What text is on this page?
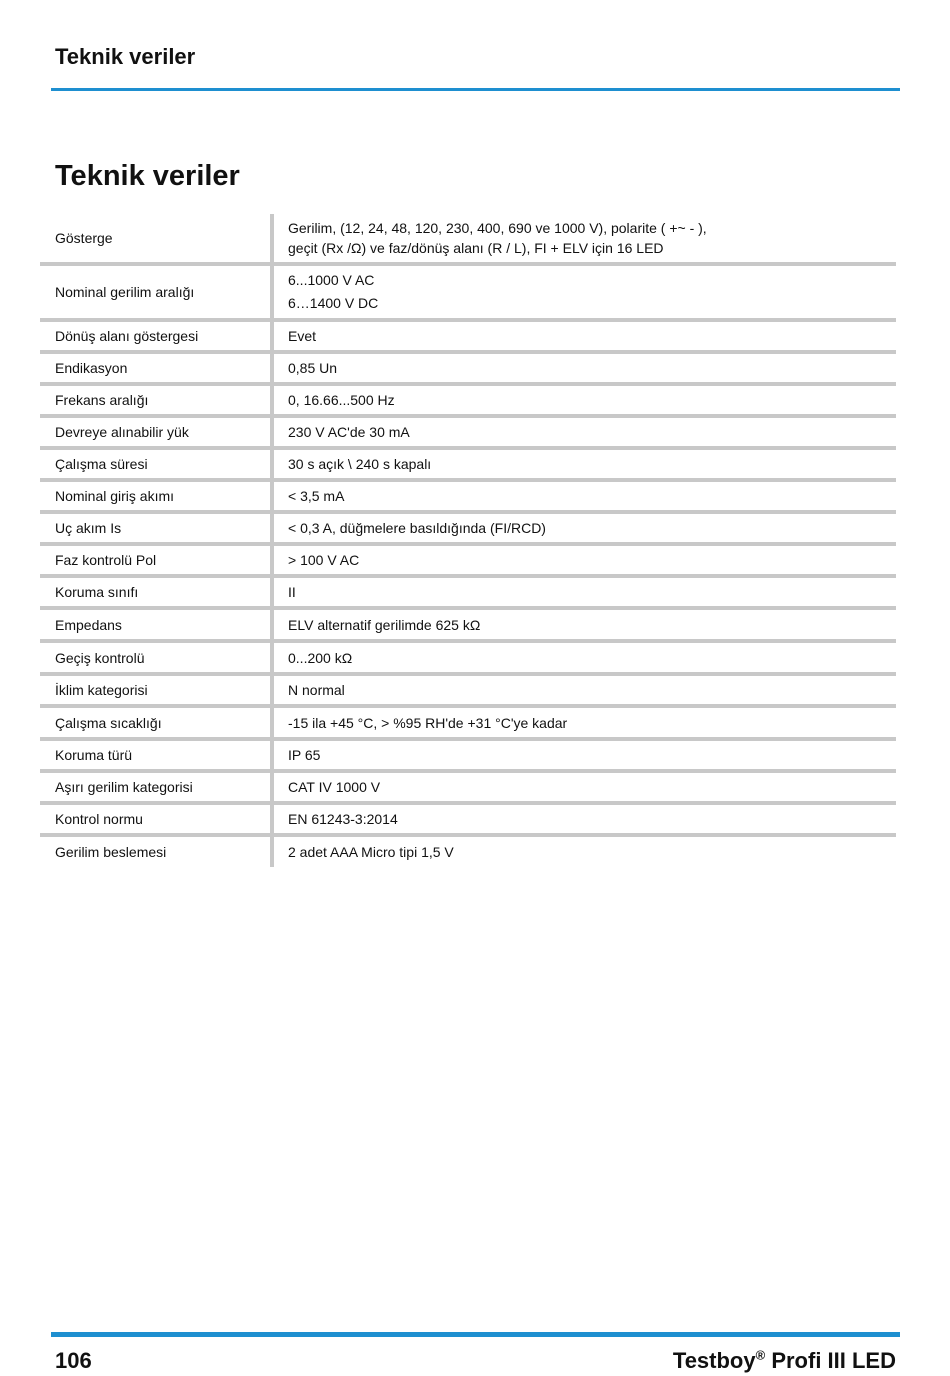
Teknik veriler
Teknik veriler
Gösterge	Gerilim, (12, 24, 48, 120, 230, 400, 690 ve 1000 V), polarite ( +~ - ),
geçit (Rx /Ω) ve faz/dönüş alanı (R / L), FI + ELV için 16 LED

Nominal gerilim aralığı	6...1000 V AC
6…1400 V DC

Dönüş alanı göstergesi	Evet
Endikasyon	0,85 Un
Frekans aralığı	0, 16.66...500 Hz
Devreye alınabilir yük	230 V AC'de 30 mA
Çalışma süresi	30 s açık \ 240 s kapalı
Nominal giriş akımı	< 3,5 mA
Uç akım Is	< 0,3 A, düğmelere basıldığında (FI/RCD)
Faz kontrolü Pol	> 100 V AC
Koruma sınıfı	II
Empedans	ELV alternatif gerilimde 625 kΩ
Geçiş kontrolü	0...200 kΩ
İklim kategorisi	N normal
Çalışma sıcaklığı	-15 ila +45 °C, > %95 RH'de +31 °C'ye kadar
Koruma türü	IP 65
Aşırı gerilim kategorisi	CAT IV 1000 V
Kontrol normu	EN 61243-3:2014
Gerilim beslemesi	2 adet AAA Micro tipi 1,5 V
106	Testboy® Profi III LED
